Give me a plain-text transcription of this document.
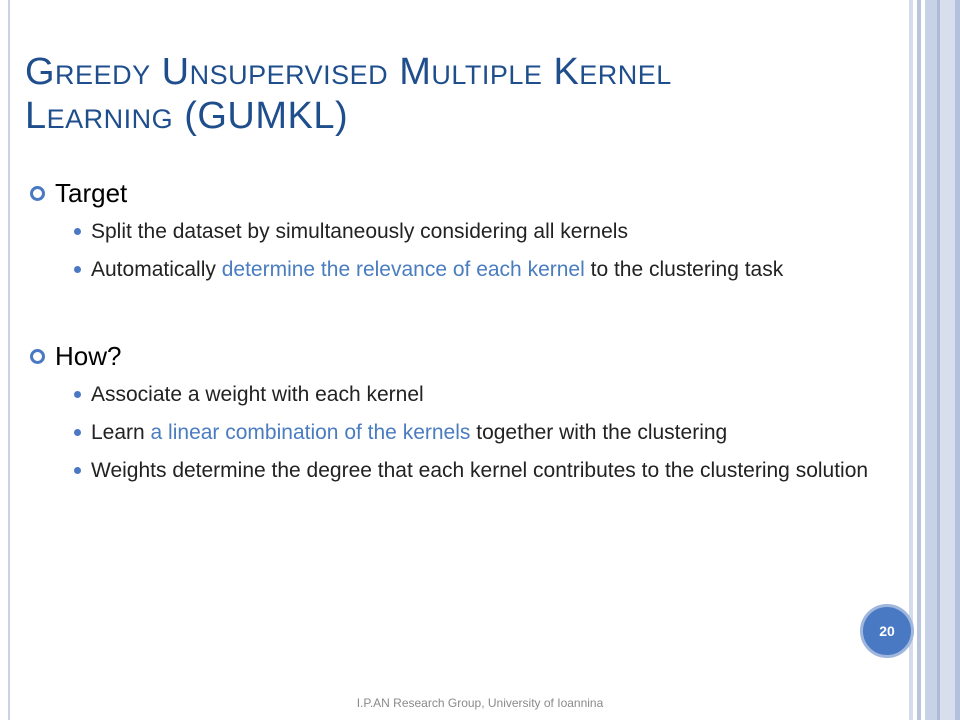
Greedy Unsupervised Multiple Kernel
Learning (GUMKL)
Target
Split the dataset by simultaneously considering all kernels
Automatically determine the relevance of each kernel to the clustering task
How?
Associate a weight with each kernel
Learn a linear combination of the kernels together with the clustering
Weights determine the degree that each kernel contributes to the clustering solution
20
I.P.AN Research Group, University of Ioannina
